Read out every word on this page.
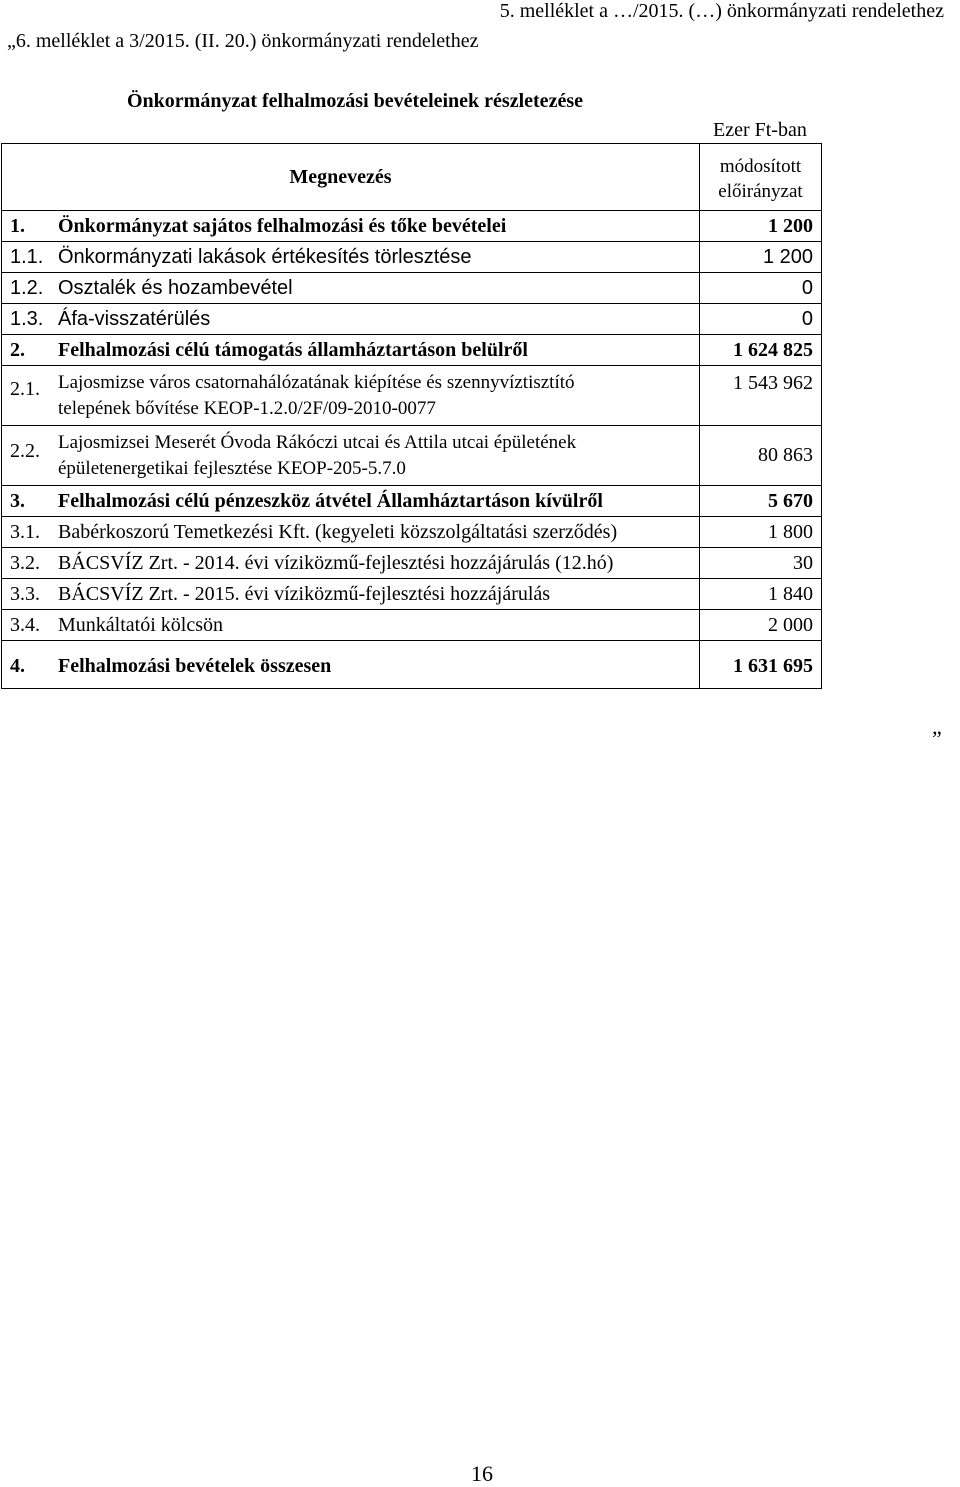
5. melléklet a …/2015. (…) önkormányzati rendelethez
„6. melléklet a 3/2015. (II. 20.) önkormányzati rendelethez
Önkormányzat felhalmozási bevételeinek részletezése
Ezer Ft-ban
Megnevezés	módosított
előirányzat
1. Önkormányzat sajátos felhalmozási és tőke bevételei	1 200
1.1. Önkormányzati lakások értékesítés törlesztése	1 200
1.2. Osztalék és hozambevétel	0
1.3. Áfa-visszatérülés	0
2. Felhalmozási célú támogatás államháztartáson belülről	1 624 825
2.1. Lajosmizse város csatornahálózatának kiépítése és szennyvíztisztító
telepének bővítése KEOP-1.2.0/2F/09-2010-0077	1 543 962
2.2. Lajosmizsei Meserét Óvoda Rákóczi utcai és Attila utcai épületének
épületenergetikai fejlesztése KEOP-205-5.7.0	80 863
3. Felhalmozási célú pénzeszköz átvétel Államháztartáson kívülről	5 670
3.1. Babérkoszorú Temetkezési Kft. (kegyeleti közszolgáltatási szerződés)	1 800
3.2. BÁCSVÍZ Zrt. - 2014. évi víziközmű-fejlesztési hozzájárulás (12.hó)	30
3.3. BÁCSVÍZ Zrt. - 2015. évi víziközmű-fejlesztési hozzájárulás	1 840
3.4. Munkáltatói kölcsön	2 000
4. Felhalmozási bevételek összesen	1 631 695
„
16
